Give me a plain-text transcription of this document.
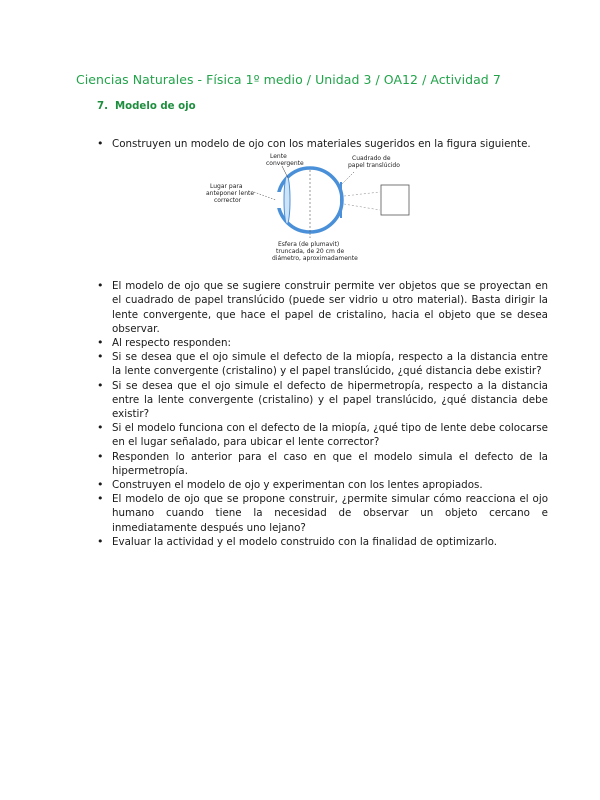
Ciencias Naturales - Física 1º medio / Unidad 3 / OA12 / Actividad 7
7. Modelo de ojo
Lente
convergente
Cuadrado de
papel translúcido
Lugar para
anteponer lente
corrector
Esfera (de plumavit)
truncada, de 20 cm de
diámetro, aproximadamente
• Construyen un modelo de ojo con los materiales sugeridos en la figura siguiente.
• El modelo de ojo que se sugiere construir permite ver objetos que se proyectan en el cuadrado de papel translúcido (puede ser vidrio u otro material). Basta dirigir la lente convergente, que hace el papel de cristalino, hacia el objeto que se desea observar.
• Al respecto responden:
• Si se desea que el ojo simule el defecto de la miopía, respecto a la distancia entre la lente convergente (cristalino) y el papel translúcido, ¿qué distancia debe existir?
• Si se desea que el ojo simule el defecto de hipermetropía, respecto a la distancia entre la lente convergente (cristalino) y el papel translúcido, ¿qué distancia debe existir?
• Si el modelo funciona con el defecto de la miopía, ¿qué tipo de lente debe colocarse en el lugar señalado, para ubicar el lente corrector?
• Responden lo anterior para el caso en que el modelo simula el defecto de la hipermetropía.
• Construyen el modelo de ojo y experimentan con los lentes apropiados.
• El modelo de ojo que se propone construir, ¿permite simular cómo reacciona el ojo humano cuando tiene la necesidad de observar un objeto cercano e inmediatamente después uno lejano?
• Evaluar la actividad y el modelo construido con la finalidad de optimizarlo.
